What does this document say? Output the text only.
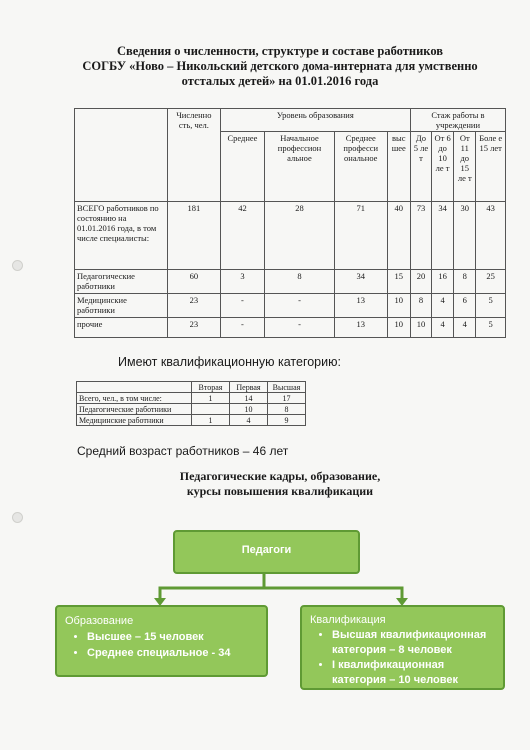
Сведения о численности, структуре и составе работников
СОГБУ «Ново – Никольский детского дома-интерната для умственно
отсталых детей» на 01.01.2016 года
	Численно сть, чел.	Уровень образования				Стаж работы в учреждении			
		Среднее	Начальное профессион альное	Среднее професси ональное	выс шее	До 5 ле т	От 6 до 10 ле т	От 11 до 15 ле т	Боле е 15 лет
ВСЕГО работников по состоянию на 01.01.2016 года, в том числе специалисты:	181	42	28	71	40	73	34	30	43
Педагогические работники	60	3	8	34	15	20	16	8	25
Медицинские работники	23	-	-	13	10	8	4	6	5
прочие	23	-	-	13	10	10	4	4	5
Имеют квалификационную категорию:
	Вторая	Первая	Высшая
Всего, чел., в том числе:	1	14	17
Педагогические работники		10	8
Медицинские работники	1	4	9
Средний возраст работников – 46 лет
Педагогические кадры, образование,
курсы повышения квалификации
Педагоги
Образование
• Высшее – 15 человек
• Среднее специальное - 34
Квалификация
• Высшая квалификационная категория – 8 человек
• I квалификационная категория – 10 человек
